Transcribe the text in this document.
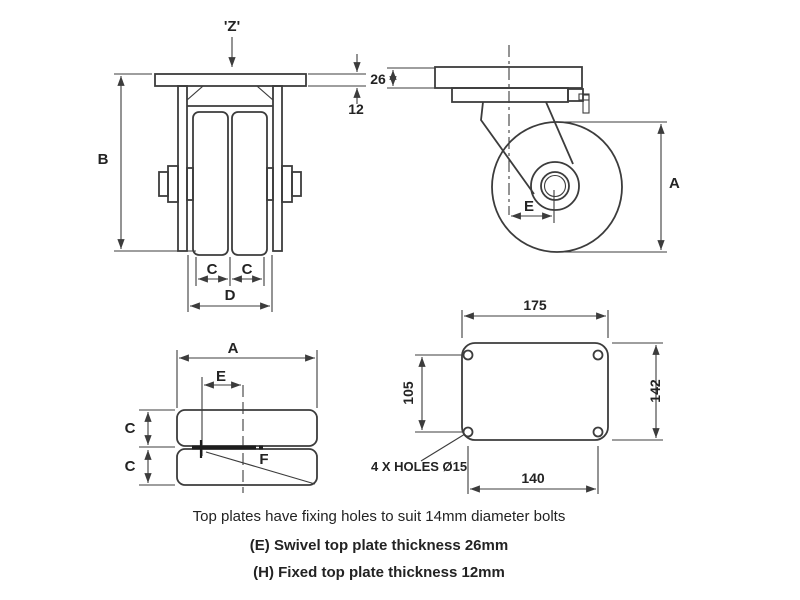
'Z'
B
12
C C
D
26
E
A
A
E
F
C
C
175
142
105
140
4 X HOLES Ø15
Top plates have fixing holes to suit 14mm diameter bolts
(E) Swivel top plate thickness 26mm
(H) Fixed top plate thickness 12mm
